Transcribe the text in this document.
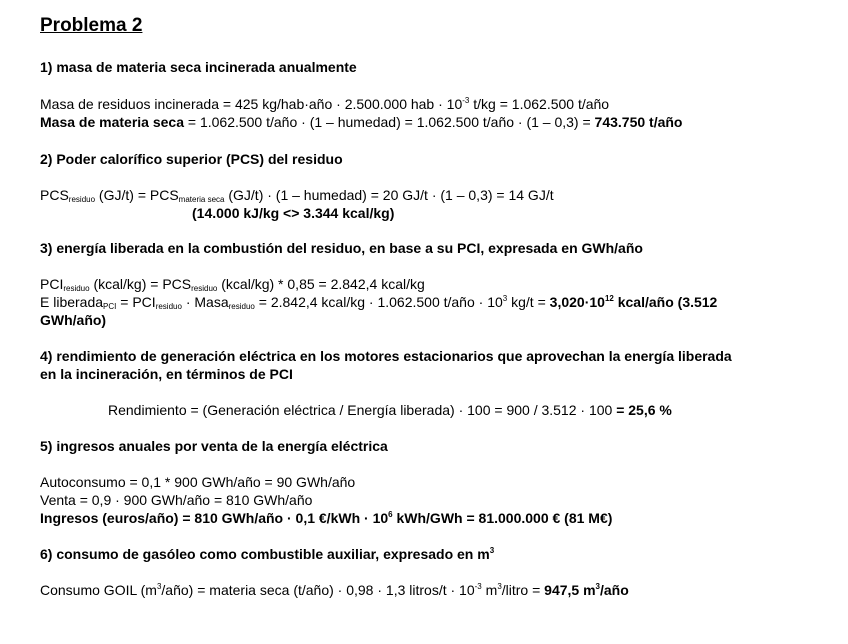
Problema 2
1) masa de materia seca incinerada anualmente
Masa de residuos incinerada = 425 kg/hab·año · 2.500.000 hab · $10^{-3}$ t/kg = 1.062.500 t/año
Masa de materia seca = 1.062.500 t/año · (1 – humedad) = 1.062.500 t/año · (1 – 0,3) = 743.750 t/año
2) Poder calorífico superior (PCS) del residuo
$PCS_{residuo}$ $(GJ/t) = PCS_{materia seca}$ (GJ/t) · (1 – humedad) = 20 GJ/t · (1 – 0,3) = 14 GJ/t
(14.000 kJ/kg <> 3.344 kcal/kg)
3) energía liberada en la combustión del residuo, en base a su PCI, expresada en GWh/año
$PCI_{residuo}$ (kcal/kg) = $PCS_{residuo}$ (kcal/kg) * 0,85 = 2.842,4 kcal/kg
E liberada$_{PCI}$ = $PCI_{residuo}$ · Masa$_{residuo}$ = 2.842,4 kcal/kg · 1.062.500 t/año · $10^3$ $kg/t = 3,020\cdot 10^{12}$ kcal/año (3.512
GWh/año)
4) rendimiento de generación eléctrica en los motores estacionarios que aprovechan la energía liberada
en la incineración, en términos de PCI
Rendimiento = (Generación eléctrica / Energía liberada) · 100 = 900 / 3.512 · 100 = 25,6 %
5) ingresos anuales por venta de la energía eléctrica
Autoconsumo = 0,1 * 900 GWh/año = 90 GWh/año
Venta = 0,9 · 900 GWh/año = 810 GWh/año
Ingresos (euros/año) = 810 GWh/año · 0,1 €/kWh · $10^6$ kWh/GWh = 81.000.000 € (81 M€)
6) consumo de gasóleo como combustible auxiliar, expresado en $m^3$
Consumo GOIL $(m^3/año)$ = materia seca (t/año) · 0,98 · 1,3 litros/t · $10^{-3}$ $m^3$/litro = 947,5 $m^3$/año
